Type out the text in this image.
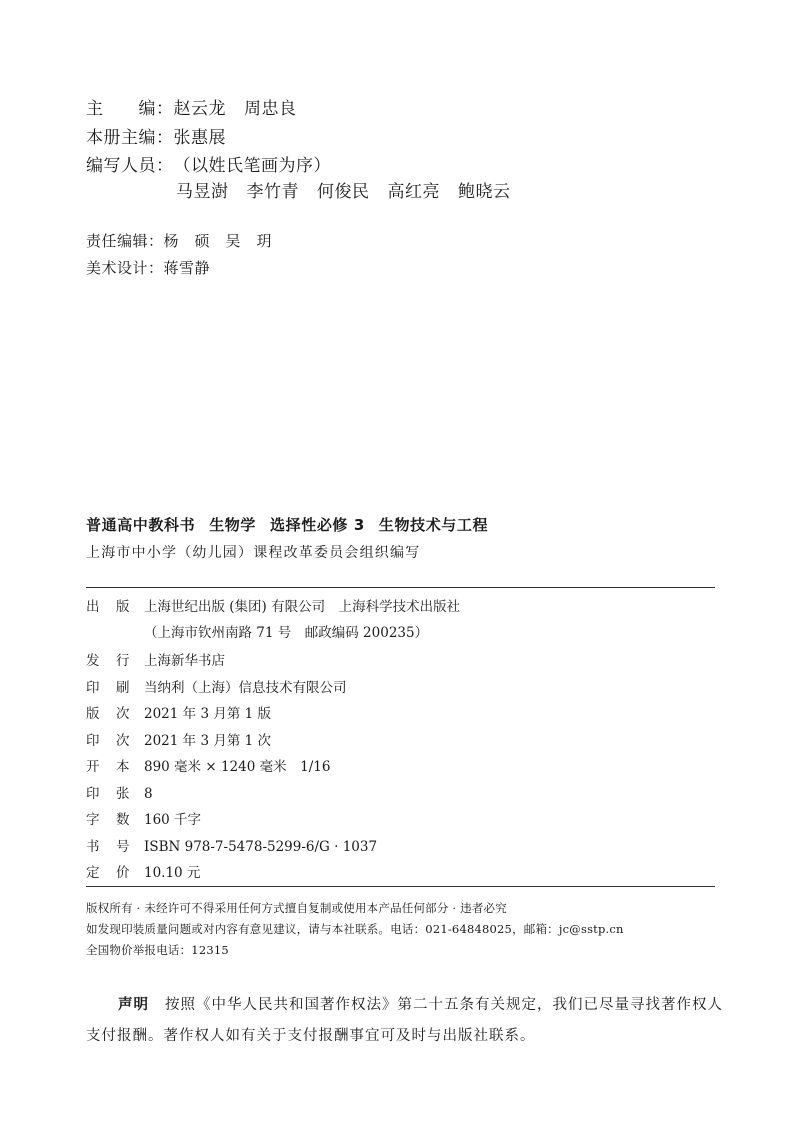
主　　编：赵云龙 周忠良
本册主编：张惠展
编写人员：（以姓氏笔画为序）
马昱澍 李竹青 何俊民 高红亮 鲍晓云
责任编辑：杨　硕　吴　玥
美术设计：蒋雪静
普通高中教科书 生物学 选择性必修 3 生物技术与工程
上海市中小学（幼儿园）课程改革委员会组织编写
出 版 上海世纪出版 (集团) 有限公司　上海科学技术出版社
（上海市钦州南路 71 号　邮政编码 200235）
发 行 上海新华书店
印 刷 当纳利（上海）信息技术有限公司
版 次 2021 年 3 月第 1 版
印 次 2021 年 3 月第 1 次
开 本 890 毫米 × 1240 毫米　1/16
印 张 8
字 数 160 千字
书 号 ISBN 978-7-5478-5299-6/G · 1037
定 价 10.10 元
版权所有 · 未经许可不得采用任何方式擅自复制或使用本产品任何部分 · 违者必究
如发现印装质量问题或对内容有意见建议，请与本社联系。电话：021-64848025，邮箱：jc@sstp.cn
全国物价举报电话：12315
声明 按照《中华人民共和国著作权法》第二十五条有关规定，我们已尽量寻找著作权人支付报酬。著作权人如有关于支付报酬事宜可及时与出版社联系。
